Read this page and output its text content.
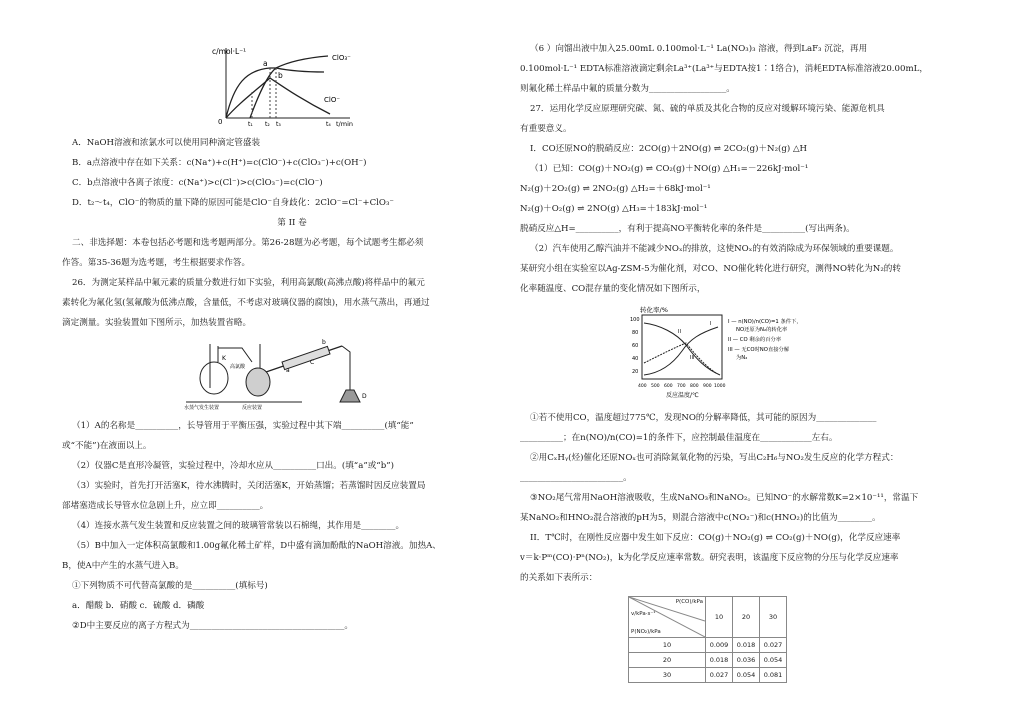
c/mol·L⁻¹
a
b
ClO₃⁻
ClO⁻
0	t₁ t₂ t₃	t₄ t/min
A．NaOH溶液和浓氯水可以使用同种滴定管盛装
B．a点溶液中存在如下关系：c(Na⁺)+c(H⁺)=c(ClO⁻)+c(ClO₃⁻)+c(OH⁻)
C．b点溶液中各离子浓度：c(Na⁺)>c(Cl⁻)>c(ClO₃⁻)=c(ClO⁻)
D．t₂～t₄，ClO⁻的物质的量下降的原因可能是ClO⁻自身歧化：2ClO⁻=Cl⁻+ClO₃⁻
第 II 卷
二、非选择题：本卷包括必考题和选考题两部分。第26-28题为必考题，每个试题考生都必须
作答。第35-36题为选考题，考生根据要求作答。
26．为测定某样品中氟元素的质量分数进行如下实验，利用高氯酸(高沸点酸)将样品中的氟元
素转化为氟化氢(氢氟酸为低沸点酸，含量低，不考虑对玻璃仪器的腐蚀)，用水蒸气蒸出，再通过
滴定测量。实验装置如下图所示，加热装置省略。
K
高氯酸
水蒸气发生装置	反应装置
a
b
C
D
（1）A的名称是__________，长导管用于平衡压强，实验过程中其下端__________(填“能”
或“不能”)在液面以上。
（2）仪器C是直形冷凝管，实验过程中，冷却水应从__________口出。(填“a”或“b”)
（3）实验时，首先打开活塞K，待水沸腾时，关闭活塞K，开始蒸馏；若蒸馏时因反应装置局
部堵塞造成长导管水位急剧上升，应立即__________。
（4）连接水蒸气发生装置和反应装置之间的玻璃管常装以石棉绳，其作用是________。
（5）B中加入一定体积高氯酸和1.00g氟化稀土矿样，D中盛有滴加酚酞的NaOH溶液。加热A、
B，使A中产生的水蒸气进入B。
①下列物质不可代替高氯酸的是__________(填标号)
a．醋酸 b．硝酸 c．硫酸 d．磷酸
②D中主要反应的离子方程式为____________________________________。
（6 ）向馏出液中加入25.00mL 0.100mol·L⁻¹ La(NO₃)₃ 溶液，得到LaF₃ 沉淀，再用
0.100mol·L⁻¹ EDTA标准溶液滴定剩余La³⁺(La³⁺与EDTA按1∶1络合)，消耗EDTA标准溶液20.00mL，
则氟化稀土样品中氟的质量分数为__________________。
27．运用化学反应原理研究碳、氮、硫的单质及其化合物的反应对缓解环境污染、能源危机具
有重要意义。
I．CO还原NO的脱硝反应：2CO(g)＋2NO(g) ⇌ 2CO₂(g)＋N₂(g) △H
（1）已知：CO(g)＋NO₂(g) ⇌ CO₂(g)＋NO(g) △H₁=－226kJ·mol⁻¹
N₂(g)＋2O₂(g) ⇌ 2NO₂(g) △H₂=＋68kJ·mol⁻¹
N₂(g)＋O₂(g) ⇌ 2NO(g) △H₃=＋183kJ·mol⁻¹
脱硝反应△H=__________，有利于提高NO平衡转化率的条件是__________(写出两条)。
（2）汽车使用乙醇汽油并不能减少NOₓ的排放，这使NOₓ的有效消除成为环保领域的重要课题。
某研究小组在实验室以Ag-ZSM-5为催化剂，对CO、NO催化转化进行研究，测得NO转化为N₂的转
化率随温度、CO混存量的变化情况如下图所示，
转化率/%
100
80
60
40
20
I
II
III
400 500 600 700 800 900 1000
反应温度/℃
I — n(NO)/n(CO)=1 条件下，
NO还原为N₂的转化率
II — CO 剩余的百分率
III — 无CO时NO直接分解
为N₂
①若不使用CO，温度超过775℃，发现NO的分解率降低，其可能的原因为______________
__________；在n(NO)/n(CO)=1的条件下，应控制最佳温度在____________左右。
②用CₓHᵧ(烃)催化还原NOₓ也可消除氮氧化物的污染，写出C₂H₆与NO₂发生反应的化学方程式：
________________________。
③NO₂尾气常用NaOH溶液吸收，生成NaNO₃和NaNO₂。已知NO⁻的水解常数K=2×10⁻¹¹，常温下
某NaNO₂和HNO₂混合溶液的pH为5，则混合溶液中c(NO₂⁻)和c(HNO₂)的比值为________。
II．T℃时，在刚性反应器中发生如下反应：CO(g)＋NO₂(g) ⇌ CO₂(g)＋NO(g)，化学反应速率
v＝k·Pᵐ(CO)·Pⁿ(NO₂)，k为化学反应速率常数。研究表明，该温度下反应物的分压与化学反应速率
的关系如下表所示：
P(CO)/kPa
v/kPa·s⁻¹
P(NO₂)/kPa	10	20	30
10	0.009	0.018	0.027
20	0.018	0.036	0.054
30	0.027	0.054	0.081
